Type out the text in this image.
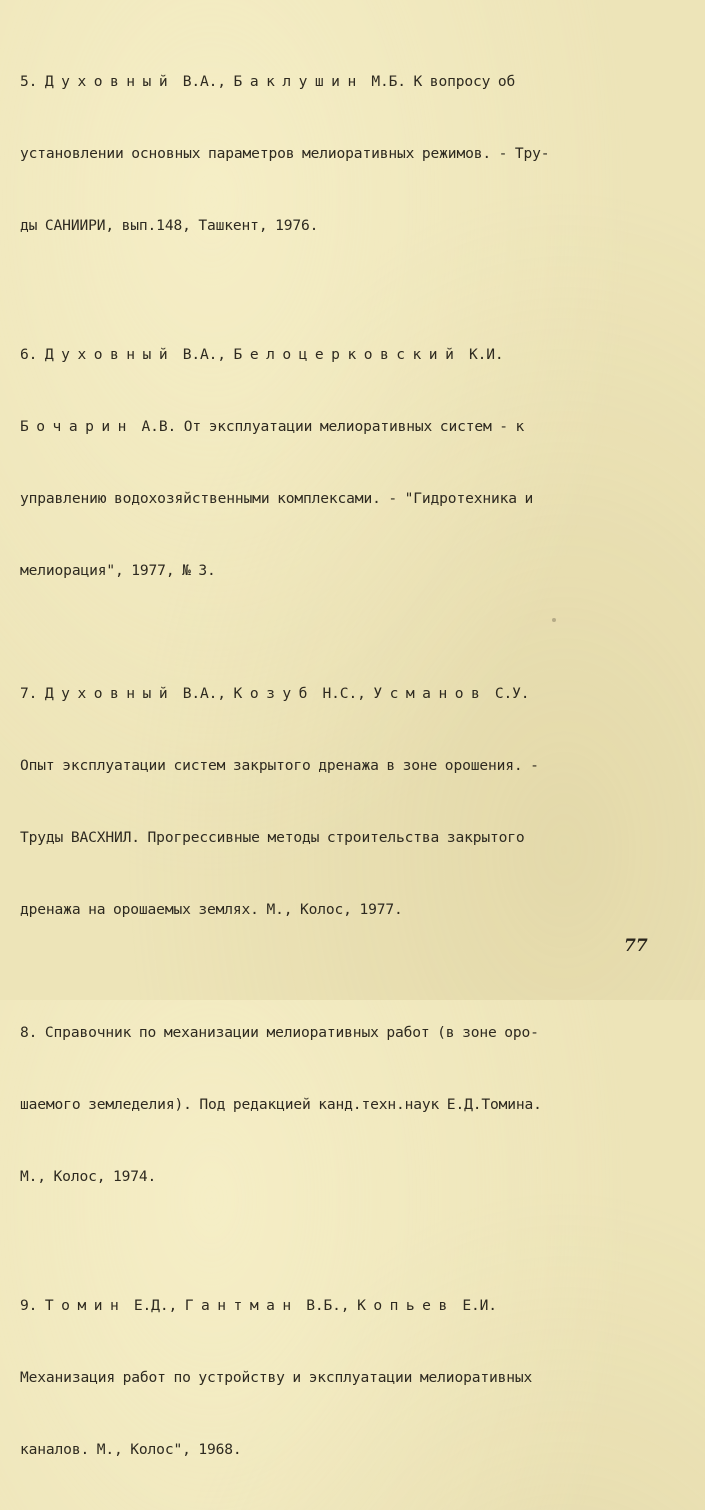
5. Д у х о в н ы й  В.А., Б а к л у ш и н  М.Б. К вопросу об

установлении основных параметров мелиоративных режимов. - Тру-

ды САНИИРИ, вып.148, Ташкент, 1976.

6. Д у х о в н ы й  В.А., Б е л о ц е р к о в с к и й  К.И.

Б о ч а р и н  А.В. От эксплуатации мелиоративных систем - к

управлению водохозяйственными комплексами. - "Гидротехника и

мелиорация", 1977, № 3.

7. Д у х о в н ы й  В.А., К о з у б  Н.С., У с м а н о в  С.У.

Опыт эксплуатации систем закрытого дренажа в зоне орошения. -

Труды ВАСХНИЛ. Прогрессивные методы строительства закрытого

дренажа на орошаемых землях. М., Колос, 1977.

8. Справочник по механизации мелиоративных работ (в зоне оро-

шаемого земледелия). Под редакцией канд.техн.наук Е.Д.Томина.

М., Колос, 1974.

9. Т о м и н  Е.Д., Г а н т м а н  В.Б., К о п ь е в  Е.И.

Механизация работ по устройству и эксплуатации мелиоративных

каналов. М., Колос", 1968.

77
